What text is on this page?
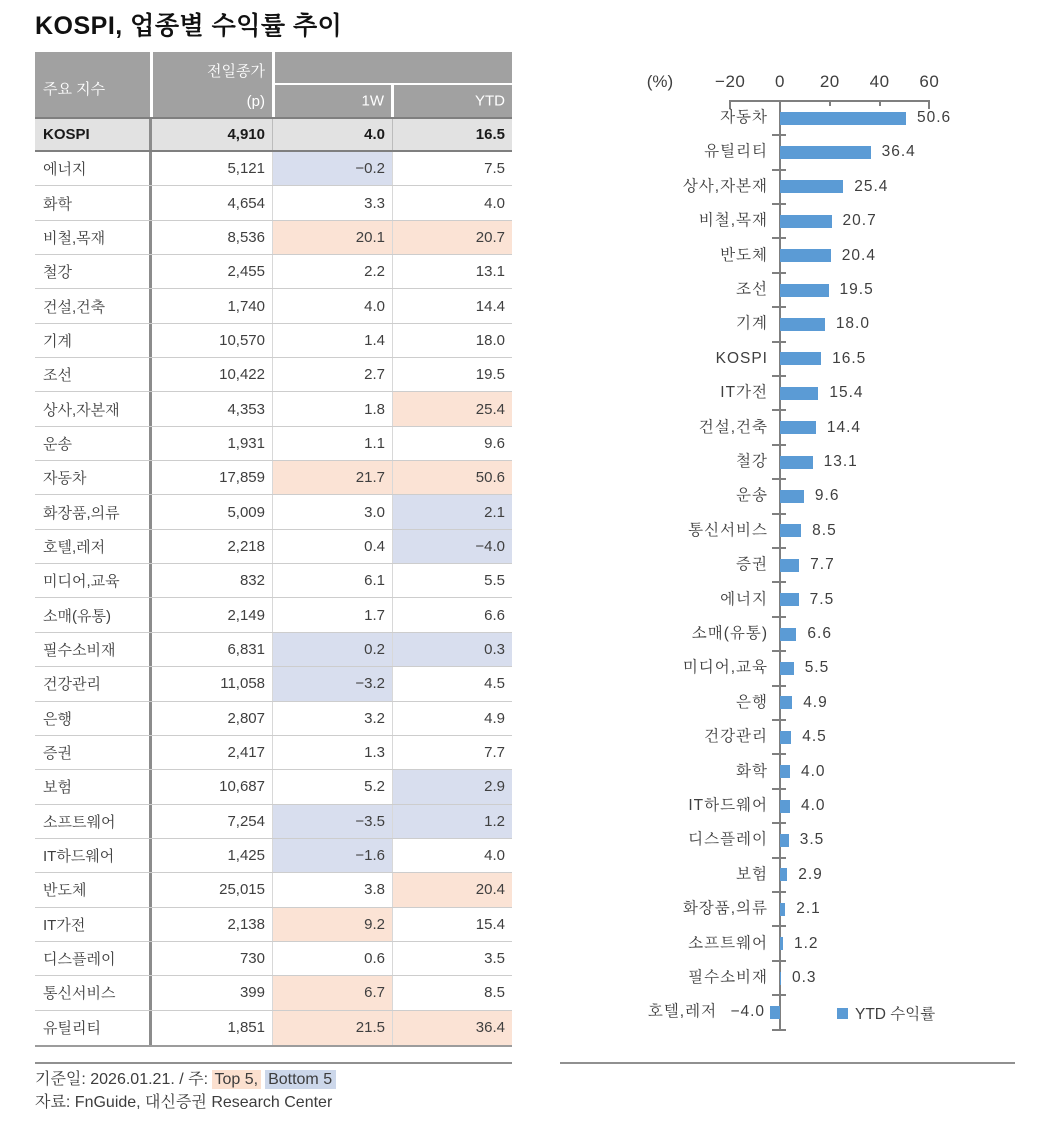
KOSPI, 업종별 수익률 추이
주요 지수
전일종가
(p)	1W	YTD
KOSPI	4,910	4.0	16.5
에너지	5,121	−0.2	7.5
화학	4,654	3.3	4.0
비철,목재	8,536	20.1	20.7
철강	2,455	2.2	13.1
건설,건축	1,740	4.0	14.4
기계	10,570	1.4	18.0
조선	10,422	2.7	19.5
상사,자본재	4,353	1.8	25.4
운송	1,931	1.1	9.6
자동차	17,859	21.7	50.6
화장품,의류	5,009	3.0	2.1
호텔,레저	2,218	0.4	−4.0
미디어,교육	832	6.1	5.5
소매(유통)	2,149	1.7	6.6
필수소비재	6,831	0.2	0.3
건강관리	11,058	−3.2	4.5
은행	2,807	3.2	4.9
증권	2,417	1.3	7.7
보험	10,687	5.2	2.9
소프트웨어	7,254	−3.5	1.2
IT하드웨어	1,425	−1.6	4.0
반도체	25,015	3.8	20.4
IT가전	2,138	9.2	15.4
디스플레이	730	0.6	3.5
통신서비스	399	6.7	8.5
유틸리티	1,851	21.5	36.4
(%)
YTD 수익률
−20	0	20	40	60
자동차	50.6
유틸리티	36.4
상사,자본재	25.4
비철,목재	20.7
반도체	20.4
조선	19.5
기계	18.0
KOSPI	16.5
IT가전	15.4
건설,건축	14.4
철강	13.1
운송	9.6
통신서비스	8.5
증권	7.7
에너지	7.5
소매(유통)	6.6
미디어,교육 5.5
은행 4.9
건강관리 4.5
화학 4.0
IT하드웨어 4.0
디스플레이 3.5
보험 2.9
화장품,의류 2.1
소프트웨어 1.2
필수소비재 0.3
−4.0
호텔,레저
기준일: 2026.01.21. / 주: Top 5, Bottom 5
자료: FnGuide, 대신증권 Research Center
